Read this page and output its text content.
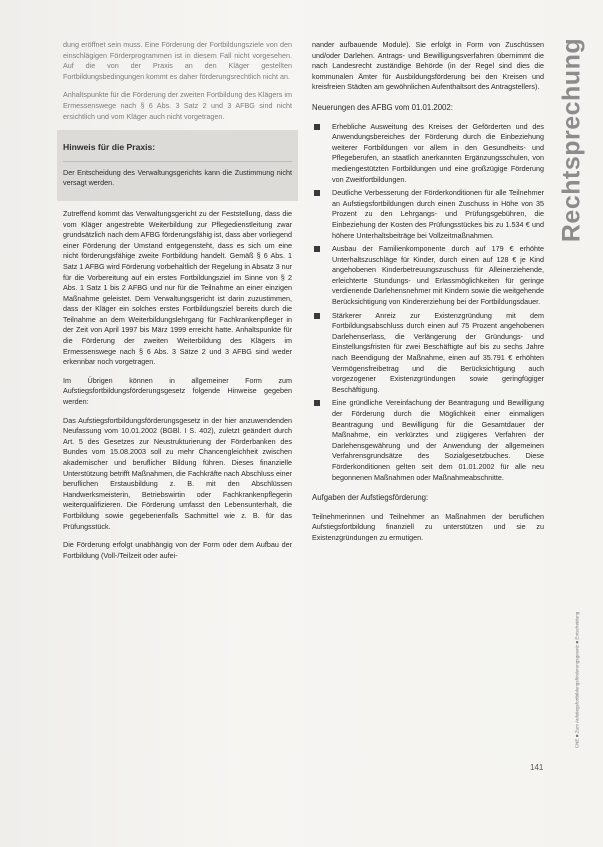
dung eröffnet sein muss. Eine Förderung der Fortbildungsziele von den einschlägigen Förderprogrammen ist in diesem Fall nicht vorgesehen. Auf die von der Praxis an den Kläger gestellten Fortbildungsbedingungen kommt es daher förderungsrechtlich nicht an.

Anhaltspunkte für die Förderung der zweiten Fortbildung des Klägers im Ermessenswege nach § 6 Abs. 3 Satz 2 und 3 AFBG sind nicht ersichtlich und vom Kläger auch nicht vorgetragen.

Hinweis für die Praxis:

Der Entscheidung des Verwaltungsgerichts kann die Zustimmung nicht versagt werden.

Zutreffend kommt das Verwaltungsgericht zu der Feststellung, dass die vom Kläger angestrebte Weiterbildung zur Pflegedienstleitung zwar grundsätzlich nach dem AFBG förderungsfähig ist, dass aber vorliegend einer Förderung der Umstand entgegensteht, dass es sich um eine nicht förderungsfähige zweite Fortbildung handelt. Gemäß § 6 Abs. 1 Satz 1 AFBG wird Förderung vorbehaltlich der Regelung in Absatz 3 nur für die Vorbereitung auf ein erstes Fortbildungsziel im Sinne von § 2 Abs. 1 Satz 1 bis 2 AFBG und nur für die Teilnahme an einer einzigen Maßnahme geleistet. Dem Verwaltungsgericht ist darin zuzustimmen, dass der Kläger ein solches erstes Fortbildungsziel bereits durch die Teilnahme an dem Weiterbildungslehrgang für Fachkrankenpfleger in der Zeit von April 1997 bis März 1999 erreicht hatte. Anhaltspunkte für die Förderung der zweiten Weiterbildung des Klägers im Ermessenswege nach § 6 Abs. 3 Sätze 2 und 3 AFBG sind weder erkennbar noch vorgetragen.

Im Übrigen können in allgemeiner Form zum Aufstiegsfortbildungsförderungsgesetz folgende Hinweise gegeben werden:

Das Aufstiegsfortbildungsförderungsgesetz in der hier anzuwendenden Neufassung vom 10.01.2002 (BGBl. I S. 402), zuletzt geändert durch Art. 5 des Gesetzes zur Neustrukturierung der Förderbanken des Bundes vom 15.08.2003 soll zu mehr Chancengleichheit zwischen akademischer und beruflicher Bildung führen. Dieses finanzielle Unterstützung betrifft Maßnahmen, die Fachkräfte nach Abschluss einer beruflichen Erstausbildung z. B. mit den Abschlüssen Handwerksmeisterin, Betriebswirtin oder Fachkrankenpflegerin weiterqualifizieren. Die Förderung umfasst den Lebensunterhalt, die Fortbildung sowie gegebenenfalls Sachmittel wie z. B. für das Prüfungsstück.

Die Förderung erfolgt unabhängig von der Form oder dem Aufbau der Fortbildung (Voll-/Teilzeit oder aufei-

nander aufbauende Module). Sie erfolgt in Form von Zuschüssen und/oder Darlehen. Antrags- und Bewilligungsverfahren übernimmt die nach Landesrecht zuständige Behörde (in der Regel sind dies die kommunalen Ämter für Ausbildungsförderung bei den Kreisen und kreisfreien Städten am gewöhnlichen Aufenthaltsort des Antragstellers).

Neuerungen des AFBG vom 01.01.2002:
Erhebliche Ausweitung des Kreises der Geförderten und des Anwendungsbereiches der Förderung durch die Einbeziehung weiterer Fortbildungen vor allem in den Gesundheits- und Pflegeberufen, an staatlich anerkannten Ergänzungsschulen, von mediengestützten Fortbildungen und eine großzügige Förderung von Zweitfortbildungen.
Deutliche Verbesserung der Förderkonditionen für alle Teilnehmer an Aufstiegsfortbildungen durch einen Zuschuss in Höhe von 35 Prozent zu den Lehrgangs- und Prüfungsgebühren, die Einbeziehung der Kosten des Prüfungsstückes bis zu 1.534 € und höhere Unterhaltsbeiträge bei Vollzeitmaßnahmen.
Ausbau der Familienkomponente durch auf 179 € erhöhte Unterhaltszuschläge für Kinder, durch einen auf 128 € je Kind angehobenen Kinderbetreuungszuschuss für Alleinerziehende, erleichterte Stundungs- und Erlassmöglichkeiten für geringe verdienende Darlehensnehmer mit Kindern sowie die weitgehende Berücksichtigung von Kindererziehung bei der Fortbildungsdauer.
Stärkerer Anreiz zur Existenzgründung mit dem Fortbildungsabschluss durch einen auf 75 Prozent angehobenen Darlehenserlass, die Verlängerung der Gründungs- und Einstellungsfristen für zwei Beschäftigte auf bis zu sechs Jahre nach Beendigung der Maßnahme, einen auf 35.791 € erhöhten Vermögensfreibetrag und die Berücksichtigung auch vorgezogener Existenzgründungen sowie geringfügiger Beschäftigung.
Eine gründliche Vereinfachung der Beantragung und Bewilligung der Förderung durch die Möglichkeit einer einmaligen Beantragung und Bewilligung für die Gesamtdauer der Maßnahme, ein verkürztes und zügigeres Verfahren der Darlehensgewährung und der Anwendung der allgemeinen Verfahrensgrundsätze des Sozialgesetzbuches. Diese Förderkonditionen gelten seit dem 01.01.2002 für alle neu begonnenen Maßnahmen oder Maßnahmeabschnitte.
Aufgaben der Aufstiegsförderung:

Teilnehmerinnen und Teilnehmer an Maßnahmen der beruflichen Aufstiegsfortbildung finanziell zu unterstützen und sie zu Existenzgründungen zu ermutigen.

Rechtsprechung
CNE ■ Zum Aufstiegsfortbildungsförderungsgesetz ■ Entscheidung
141
